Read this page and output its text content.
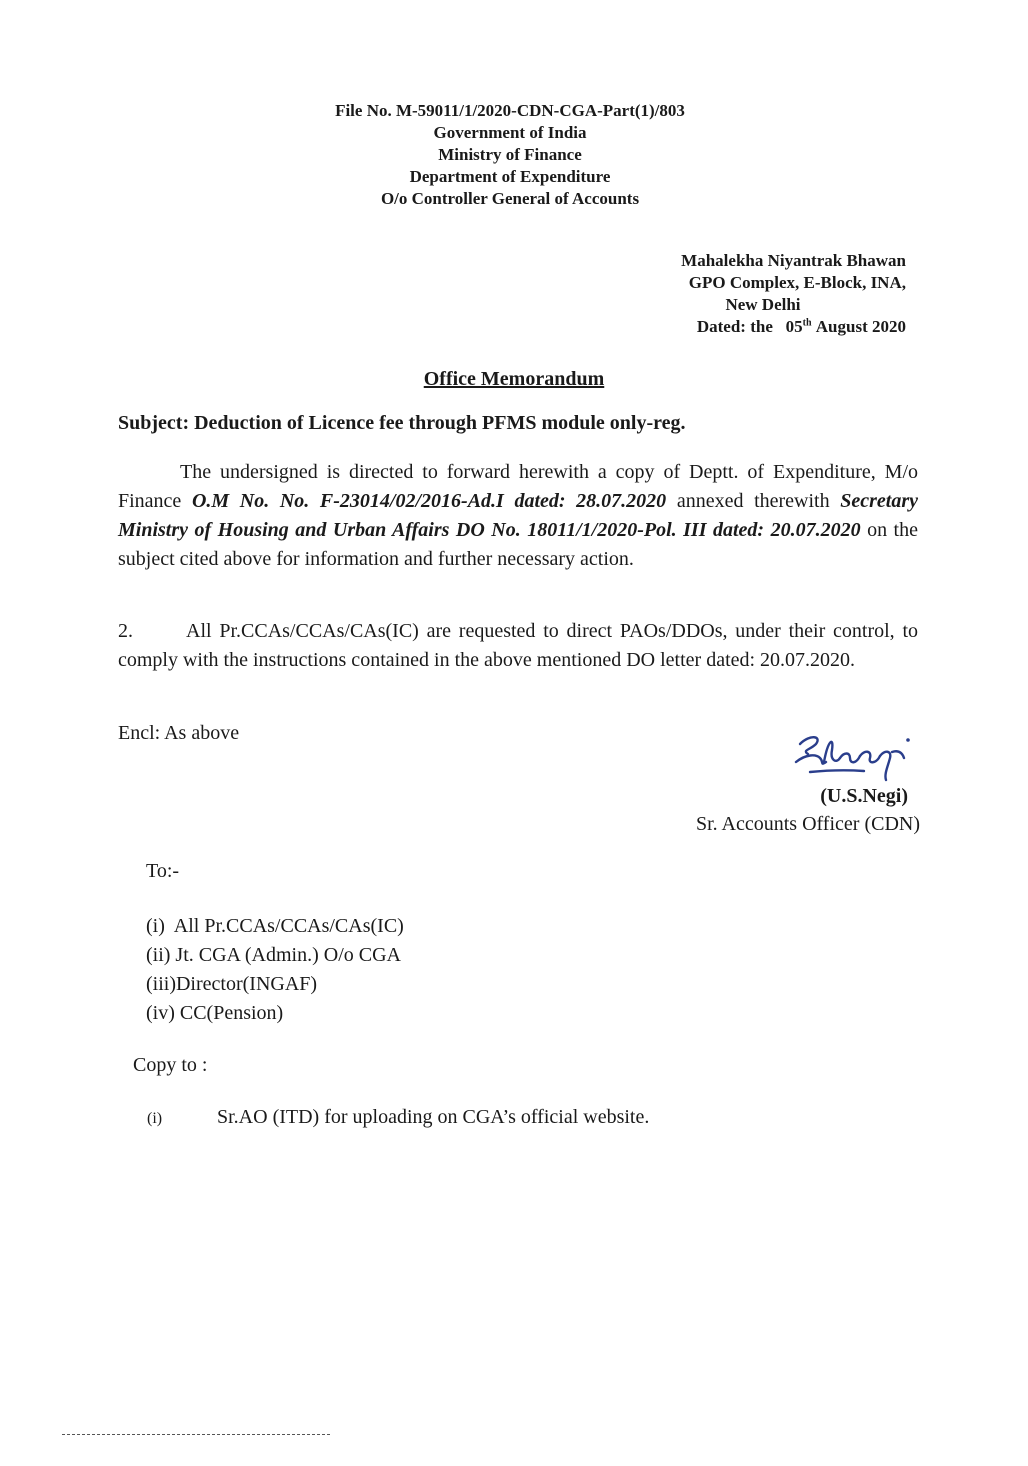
File No. M-59011/1/2020-CDN-CGA-Part(1)/803
Government of India
Ministry of Finance
Department of Expenditure
O/o Controller General of Accounts
Mahalekha Niyantrak Bhawan
GPO Complex, E-Block, INA,
New Delhi
Dated: the 05th August 2020
Office Memorandum
Subject: Deduction of Licence fee through PFMS module only-reg.
The undersigned is directed to forward herewith a copy of Deptt. of Expenditure, M/o Finance O.M No. No. F-23014/02/2016-Ad.I dated: 28.07.2020 annexed therewith Secretary Ministry of Housing and Urban Affairs DO No. 18011/1/2020-Pol. III dated: 20.07.2020 on the subject cited above for information and further necessary action.
2.	All Pr.CCAs/CCAs/CAs(IC) are requested to direct PAOs/DDOs, under their control, to comply with the instructions contained in the above mentioned DO letter dated: 20.07.2020.
Encl: As above
(U.S.Negi)
Sr. Accounts Officer (CDN)
To:-
(i)  All Pr.CCAs/CCAs/CAs(IC)
(ii) Jt. CGA (Admin.) O/o CGA
(iii)Director(INGAF)
(iv) CC(Pension)
Copy to :
(i)	Sr.AO (ITD) for uploading on CGA’s official website.
